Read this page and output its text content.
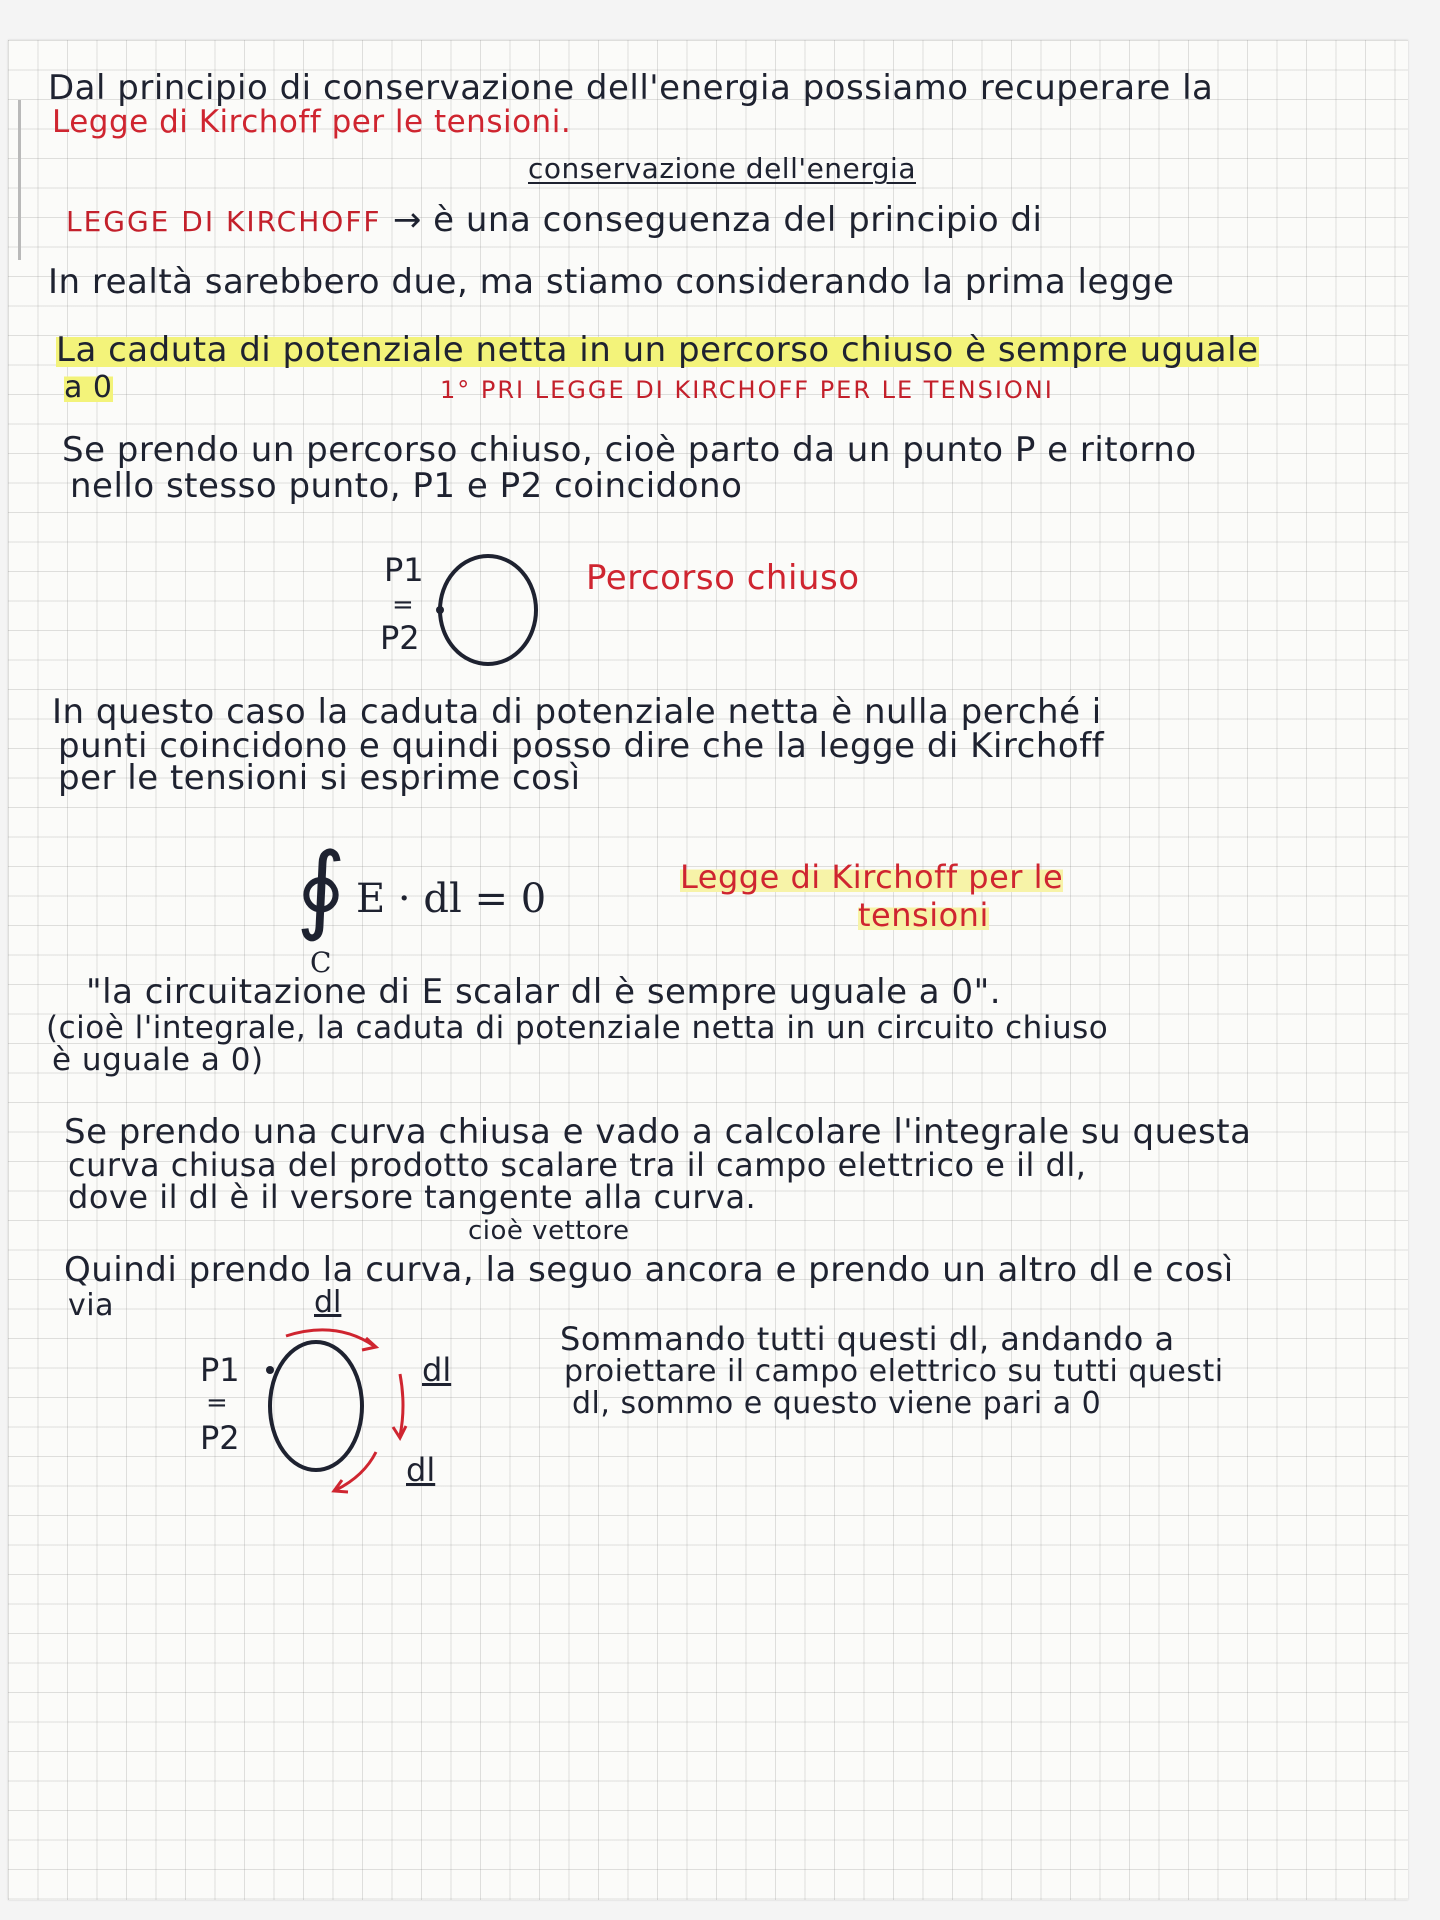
Dal principio di conservazione dell'energia possiamo recuperare la

Legge di Kirchoff per le tensioni.

conservazione dell'energia

LEGGE DI KIRCHOFF → è una conseguenza del principio di

In realtà sarebbero due, ma stiamo considerando la prima legge

La caduta di potenziale netta in un percorso chiuso è sempre uguale

a 0	1° PRI LEGGE DI KIRCHOFF PER LE TENSIONI

Se prendo un percorso chiuso, cioè parto da un punto P e ritorno

nello stesso punto, P1 e P2 coincidono

P1
=
P2

Percorso chiuso

In questo caso la caduta di potenziale netta è nulla perché i

punti coincidono e quindi posso dire che la legge di Kirchoff

per le tensioni si esprime così

∮ E · dl = 0
C

Legge di Kirchoff per le

tensioni

"la circuitazione di E scalar dl è sempre uguale a 0".

(cioè l'integrale, la caduta di potenziale netta in un circuito chiuso

è uguale a 0)

Se prendo una curva chiusa e vado a calcolare l'integrale su questa

curva chiusa del prodotto scalare tra il campo elettrico e il dl,

dove il dl è il versore tangente alla curva.

cioè vettore

Quindi prendo la curva, la seguo ancora e prendo un altro dl e così

via	dl
dl
dl
P1
=
P2

Sommando tutti questi dl, andando a

proiettare il campo elettrico su tutti questi

dl, sommo e questo viene pari a 0
